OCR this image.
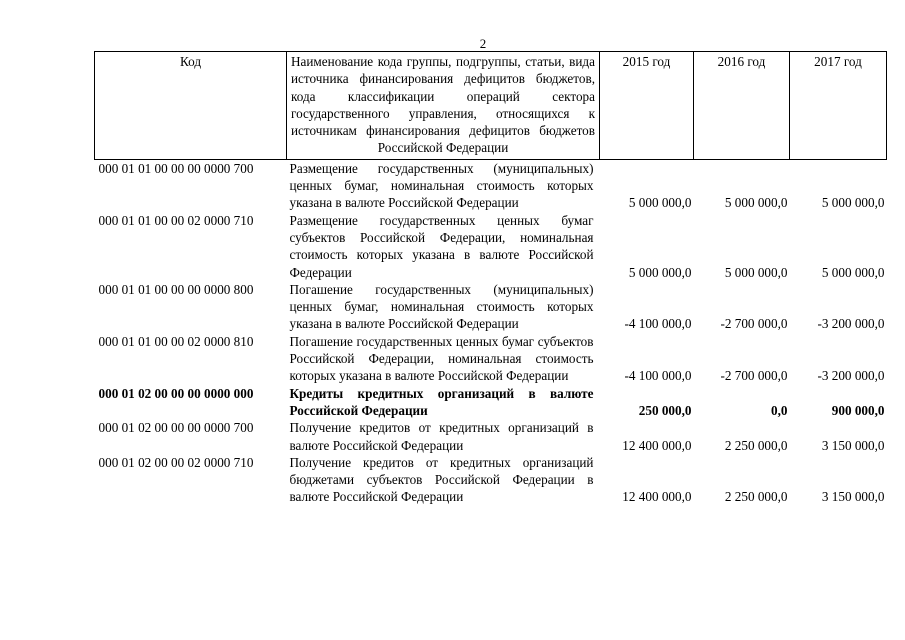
2
Код	Наименование кода группы, подгруппы, статьи, вида источника финансирования дефицитов бюджетов, кода классификации операций сектора государственного управления, относящихся к источникам финансирования дефицитов бюджетов Российской Федерации	2015 год	2016 год	2017 год
000 01 01 00 00 00 0000 700	Размещение государственных (муниципальных) ценных бумаг, номинальная стоимость которых указана в валюте Российской Федерации	5 000 000,0	5 000 000,0	5 000 000,0
000 01 01 00 00 02 0000 710	Размещение государственных ценных бумаг субъектов Российской Федерации, номинальная стоимость которых указана в валюте Российской Федерации	5 000 000,0	5 000 000,0	5 000 000,0
000 01 01 00 00 00 0000 800	Погашение государственных (муниципальных) ценных бумаг, номинальная стоимость которых указана в валюте Российской Федерации	-4 100 000,0	-2 700 000,0	-3 200 000,0
000 01 01 00 00 02 0000 810	Погашение государственных ценных бумаг субъектов Российской Федерации, номинальная стоимость которых указана в валюте Российской Федерации	-4 100 000,0	-2 700 000,0	-3 200 000,0
000 01 02 00 00 00 0000 000	Кредиты кредитных организаций в валюте Российской Федерации	250 000,0	0,0	900 000,0
000 01 02 00 00 00 0000 700	Получение кредитов от кредитных организаций в валюте Российской Федерации	12 400 000,0	2 250 000,0	3 150 000,0
000 01 02 00 00 02 0000 710	Получение кредитов от кредитных организаций бюджетами субъектов Российской Федерации в валюте Российской Федерации	12 400 000,0	2 250 000,0	3 150 000,0
